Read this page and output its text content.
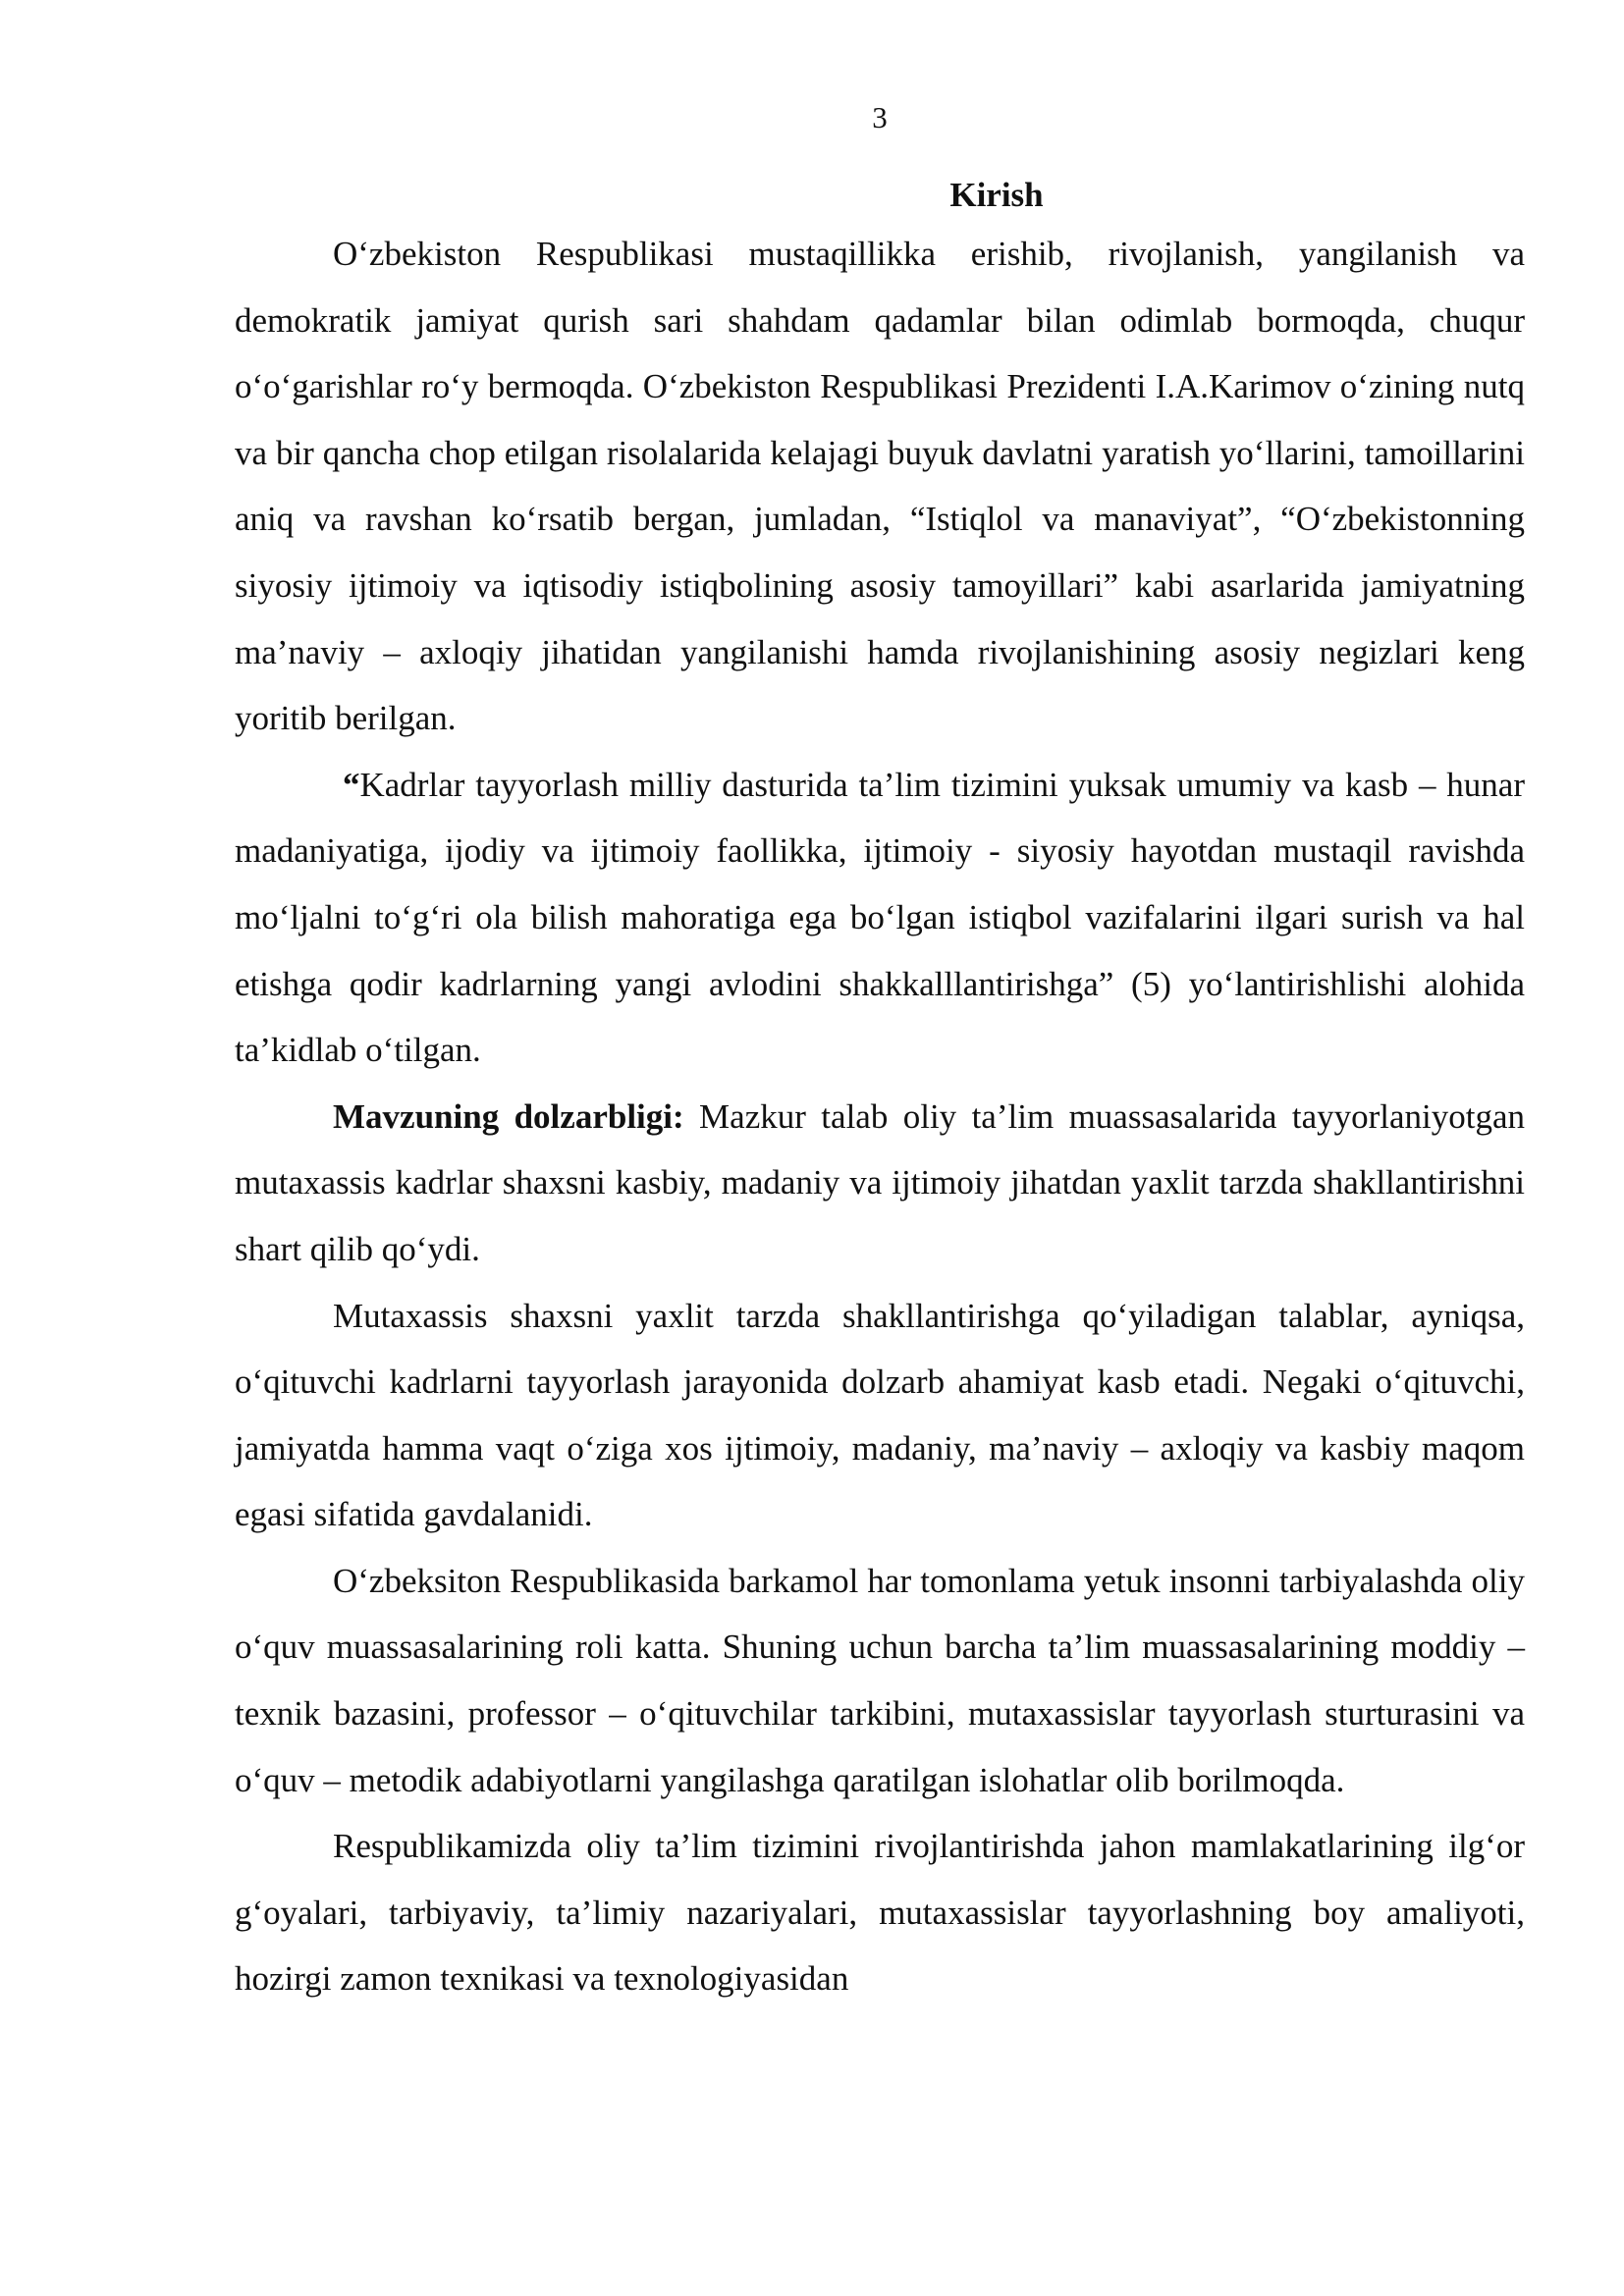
3
Kirish

O‘zbekiston Respublikasi mustaqillikka erishib, rivojlanish, yangilanish va demokratik jamiyat qurish sari shahdam qadamlar bilan odimlab bormoqda, chuqur o‘o‘garishlar ro‘y bermoqda. O‘zbekiston Respublikasi Prezidenti I.A.Karimov o‘zining nutq va bir qancha chop etilgan risolalarida kelajagi buyuk davlatni yaratish yo‘llarini, tamoillarini aniq va ravshan ko‘rsatib bergan, jumladan, “Istiqlol va manaviyat”, “O‘zbekistonning siyosiy ijtimoiy va iqtisodiy istiqbolining asosiy tamoyillari” kabi asarlarida jamiyatning ma’naviy – axloqiy jihatidan yangilanishi hamda rivojlanishining asosiy negizlari keng yoritib berilgan.

“Kadrlar tayyorlash milliy dasturida ta’lim tizimini yuksak umumiy va kasb – hunar madaniyatiga, ijodiy va ijtimoiy faollikka, ijtimoiy - siyosiy hayotdan mustaqil ravishda mo‘ljalni to‘g‘ri ola bilish mahoratiga ega bo‘lgan istiqbol vazifalarini ilgari surish va hal etishga qodir kadrlarning yangi avlodini shakkalllantirishga” (5) yo‘lantirishlishi alohida ta’kidlab o‘tilgan.

Mavzuning dolzarbligi: Mazkur talab oliy ta’lim muassasalarida tayyorlaniyotgan mutaxassis kadrlar shaxsni kasbiy, madaniy va ijtimoiy jihatdan yaxlit tarzda shakllantirishni shart qilib qo‘ydi.

Mutaxassis shaxsni yaxlit tarzda shakllantirishga qo‘yiladigan talablar, ayniqsa, o‘qituvchi kadrlarni tayyorlash jarayonida dolzarb ahamiyat kasb etadi. Negaki o‘qituvchi, jamiyatda hamma vaqt o‘ziga xos ijtimoiy, madaniy, ma’naviy – axloqiy va kasbiy maqom egasi sifatida gavdalanidi.

O‘zbeksiton Respublikasida barkamol har tomonlama yetuk insonni tarbiyalashda oliy o‘quv muassasalarining roli katta. Shuning uchun barcha ta’lim muassasalarining moddiy – texnik bazasini, professor – o‘qituvchilar tarkibini, mutaxassislar tayyorlash sturturasini va o‘quv – metodik adabiyotlarni yangilashga qaratilgan islohatlar olib borilmoqda.

Respublikamizda oliy ta’lim tizimini rivojlantirishda jahon mamlakatlarining ilg‘or g‘oyalari, tarbiyaviy, ta’limiy nazariyalari, mutaxassislar tayyorlashning boy amaliyoti, hozirgi zamon texnikasi va texnologiyasidan
